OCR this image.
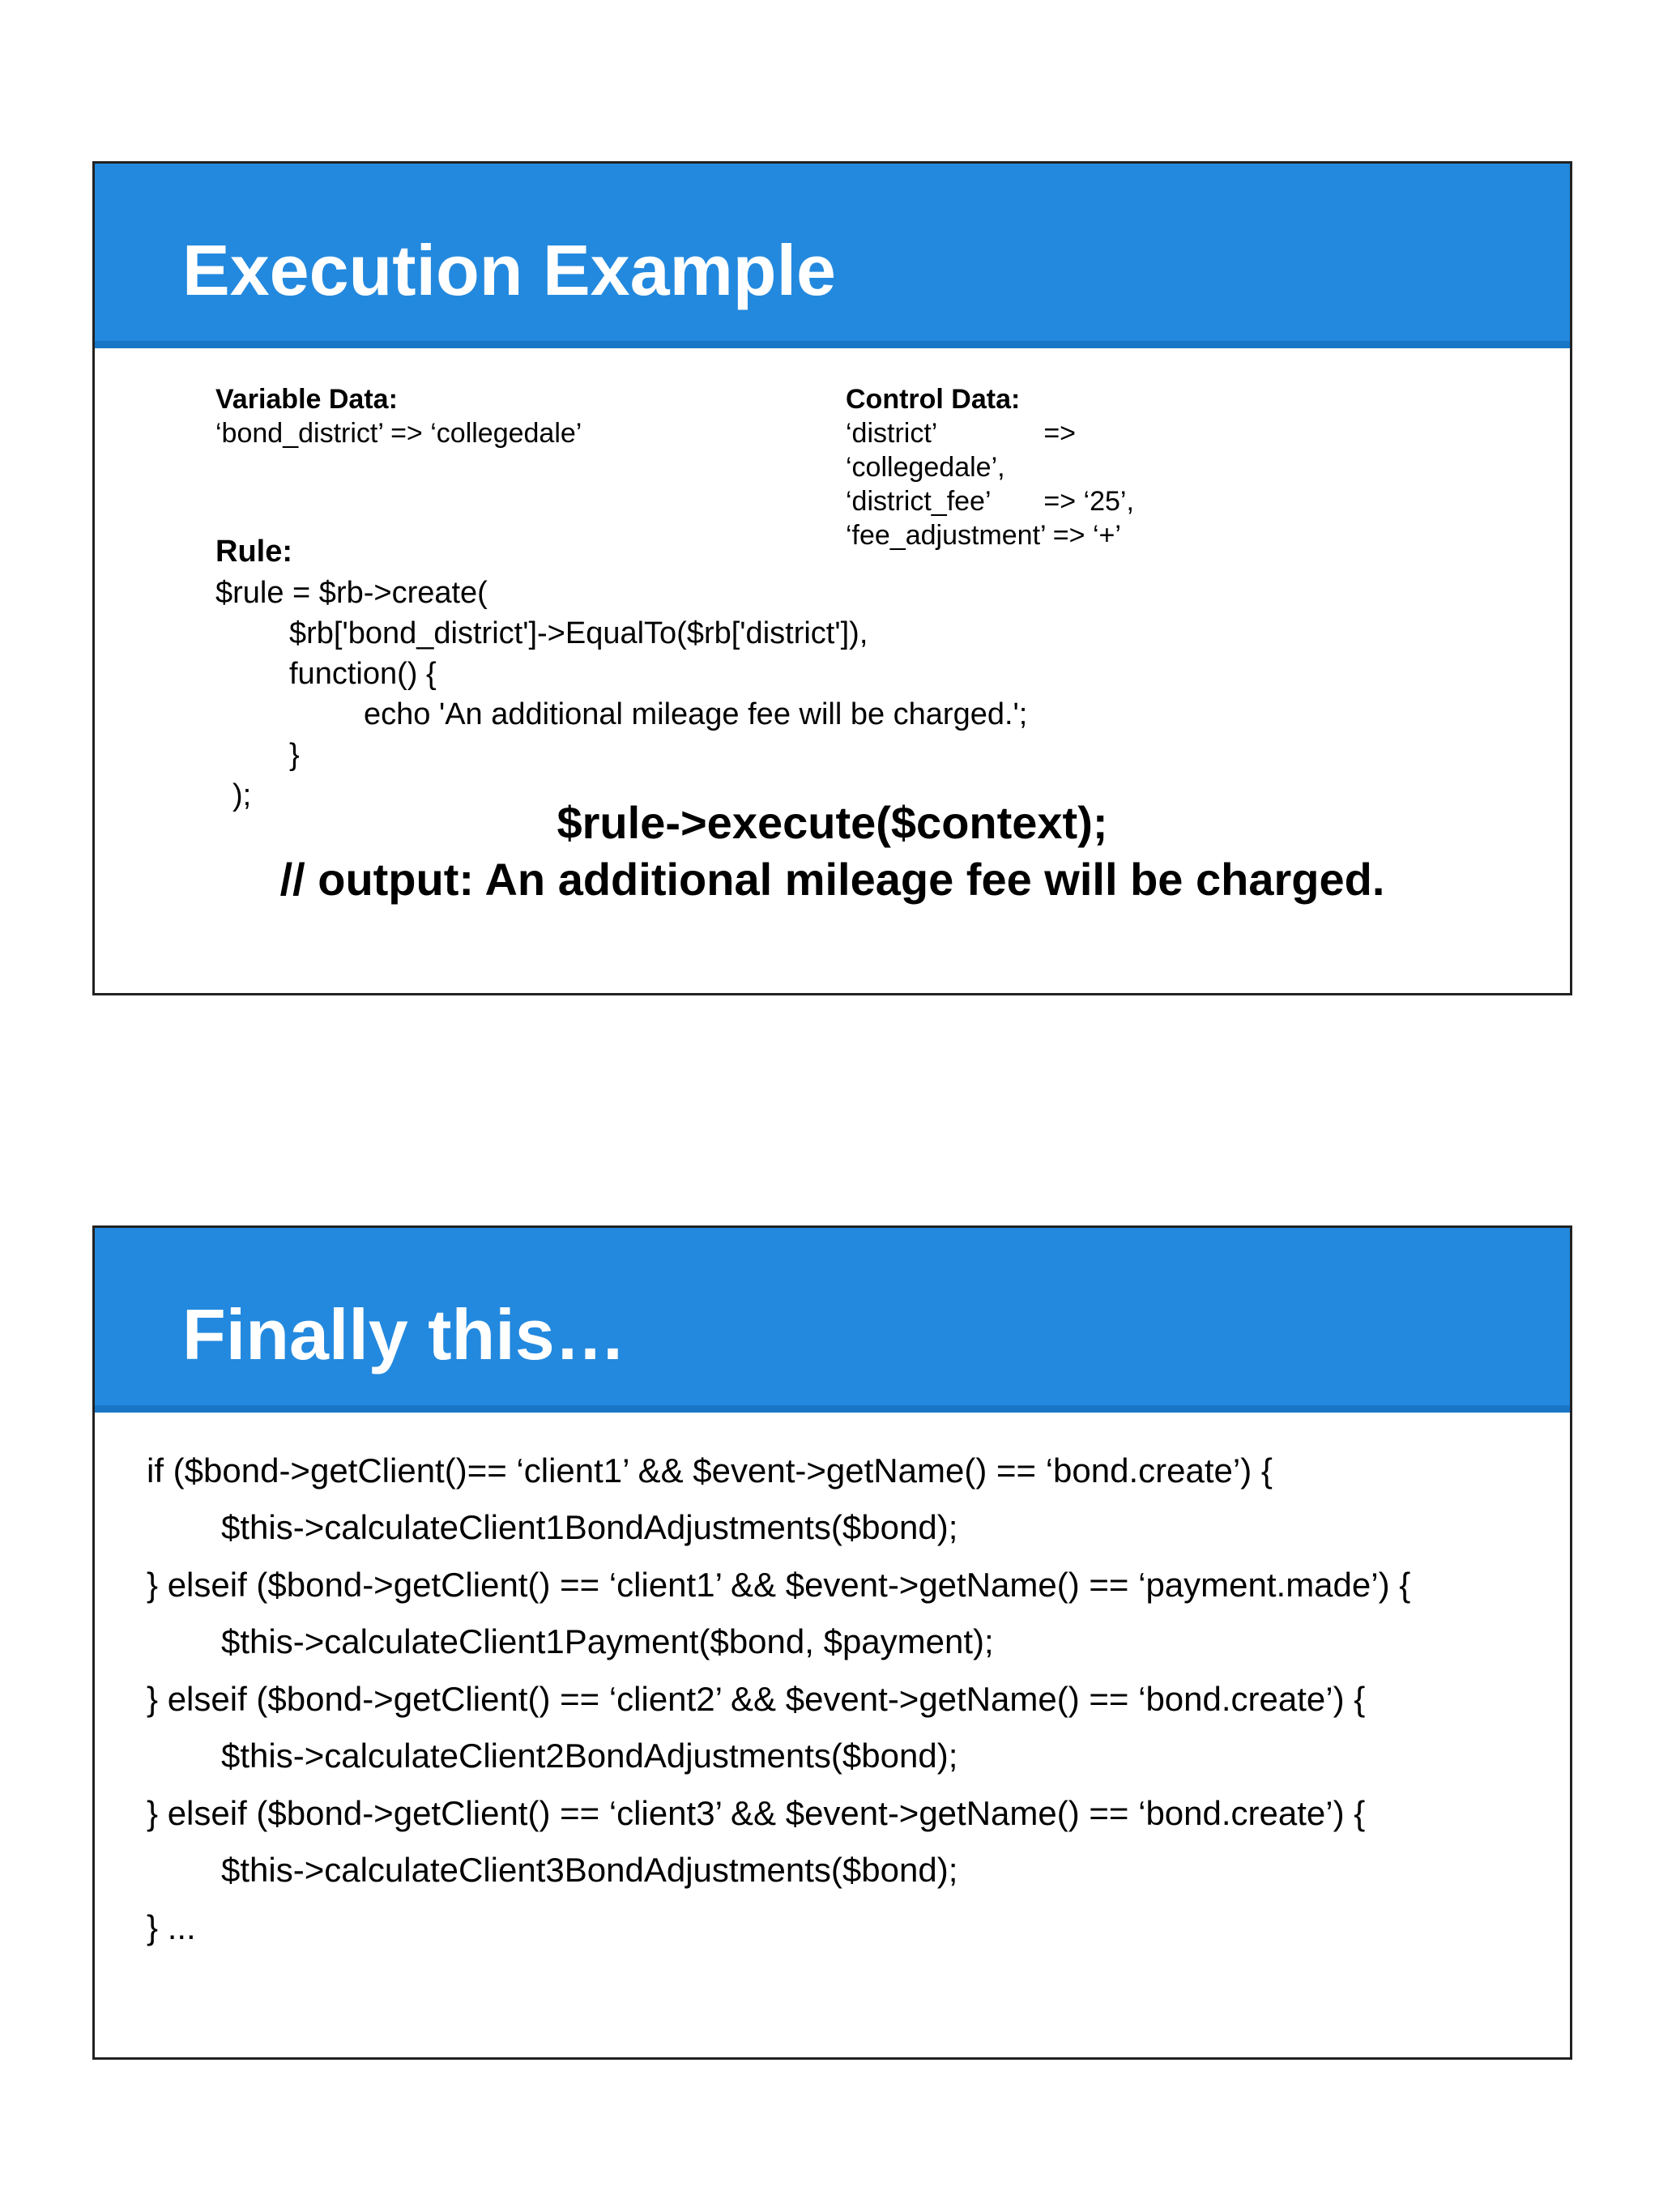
Execution Example
Variable Data:
‘bond_district’ => ‘collegedale’
Control Data:
‘district’              =>
‘collegedale’,
‘district_fee’       => ‘25’,
‘fee_adjustment’ => ‘+’
Rule:
$rule = $rb->create(
$rb['bond_district']->EqualTo($rb['district']),
function() {
echo 'An additional mileage fee will be charged.';
}
);
$rule->execute($context);
// output: An additional mileage fee will be charged.
Finally this…
if ($bond->getClient()== ‘client1’ && $event->getName() == ‘bond.create’) {
$this->calculateClient1BondAdjustments($bond);
} elseif ($bond->getClient() == ‘client1’ && $event->getName() == ‘payment.made’) {
$this->calculateClient1Payment($bond, $payment);
} elseif ($bond->getClient() == ‘client2’ && $event->getName() == ‘bond.create’) {
$this->calculateClient2BondAdjustments($bond);
} elseif ($bond->getClient() == ‘client3’ && $event->getName() == ‘bond.create’) {
$this->calculateClient3BondAdjustments($bond);
} ...
